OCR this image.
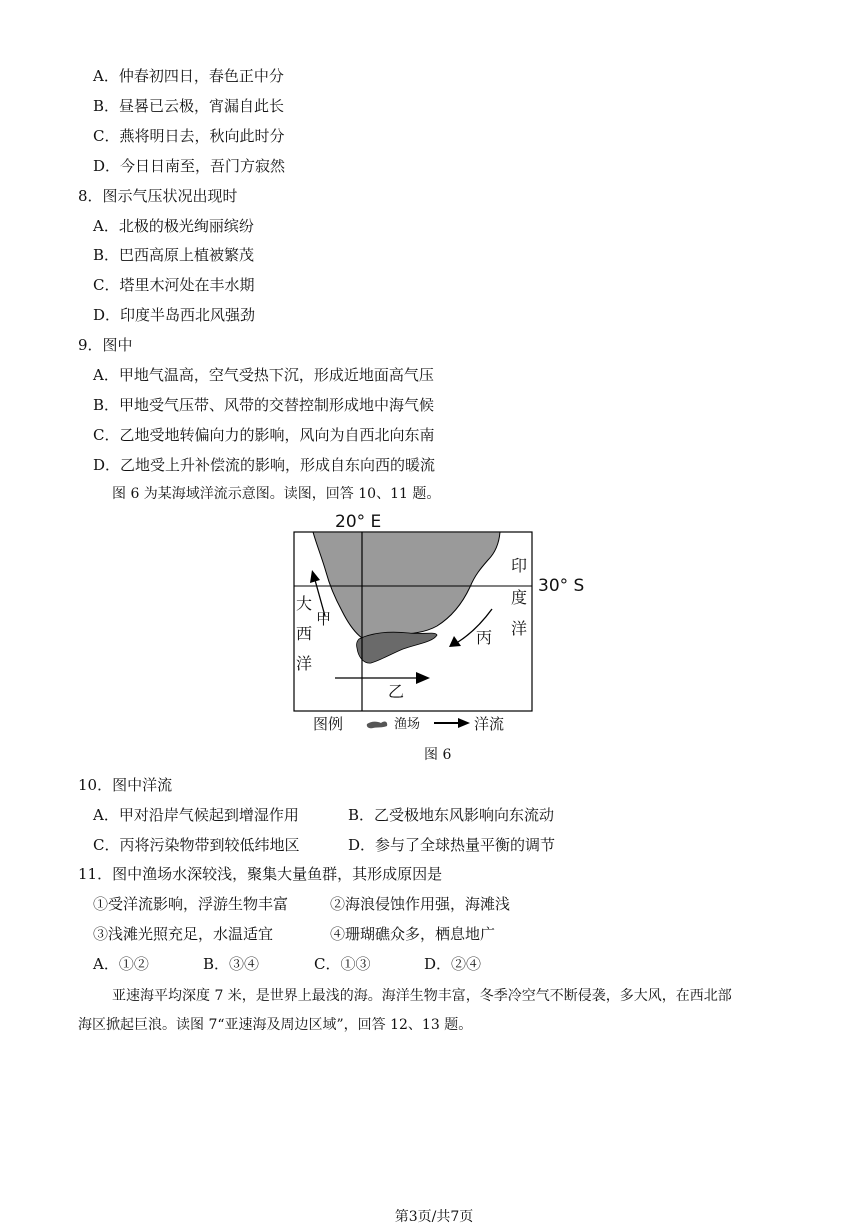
A．仲春初四日，春色正中分
B．昼晷已云极，宵漏自此长
C．燕将明日去，秋向此时分
D．今日日南至，吾门方寂然
8．图示气压状况出现时
A．北极的极光绚丽缤纷
B．巴西高原上植被繁茂
C．塔里木河处在丰水期
D．印度半岛西北风强劲
9．图中
A．甲地气温高，空气受热下沉，形成近地面高气压
B．甲地受气压带、风带的交替控制形成地中海气候
C．乙地受地转偏向力的影响，风向为自西北向东南
D．乙地受上升补偿流的影响，形成自东向西的暖流
图 6 为某海域洋流示意图。读图，回答 10、11 题。
20° E
30° S
大
西
洋
印
度
洋
甲
乙
丙
图例	渔场	洋流
图 6
10．图中洋流
A．甲对沿岸气候起到增湿作用	B．乙受极地东风影响向东流动
C．丙将污染物带到较低纬地区	D．参与了全球热量平衡的调节
11．图中渔场水深较浅，聚集大量鱼群，其形成原因是
①受洋流影响，浮游生物丰富	②海浪侵蚀作用强，海滩浅
③浅滩光照充足，水温适宜	④珊瑚礁众多，栖息地广
A．①②	B．③④	C．①③	D．②④
亚速海平均深度 7 米，是世界上最浅的海。海洋生物丰富，冬季冷空气不断侵袭，多大风，在西北部
海区掀起巨浪。读图 7“亚速海及周边区域”，回答 12、13 题。
第3页/共7页
